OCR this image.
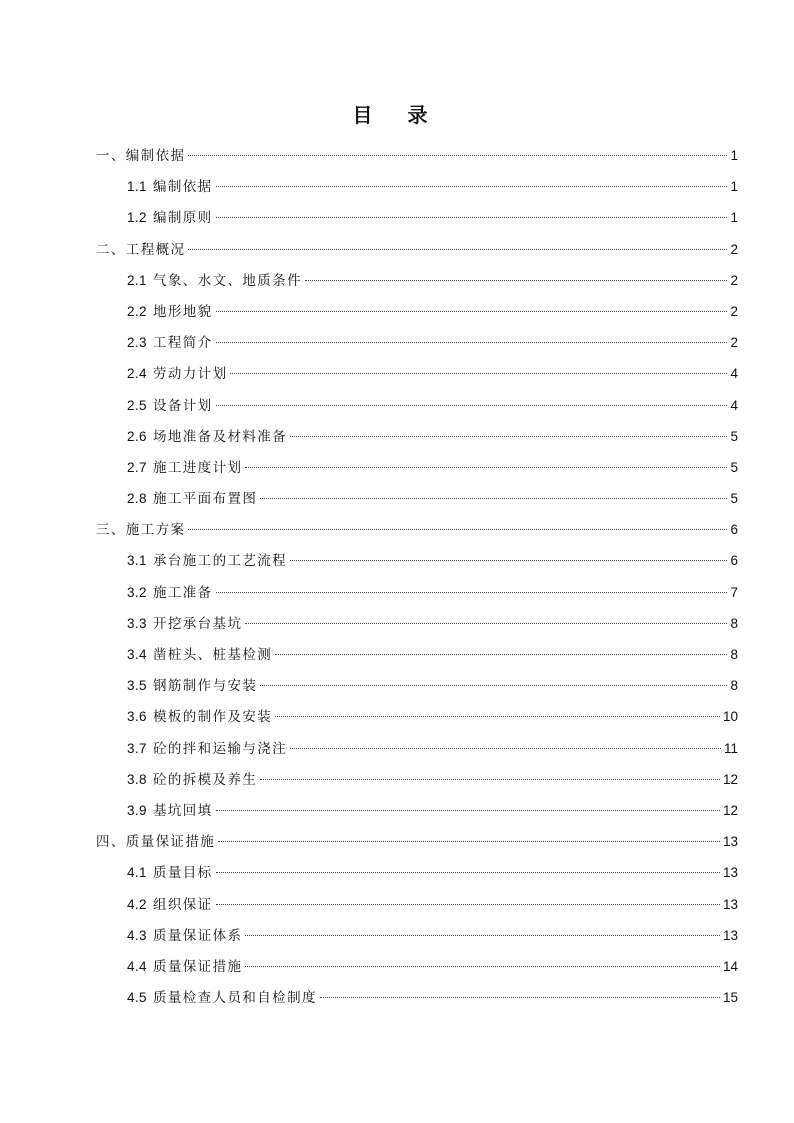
目 录
一、编制依据	1
1.1 编制依据	1
1.2 编制原则	1
二、工程概况	2
2.1 气象、水文、地质条件	2
2.2 地形地貌	2
2.3 工程简介	2
2.4 劳动力计划	4
2.5 设备计划	4
2.6 场地准备及材料准备	5
2.7 施工进度计划	5
2.8 施工平面布置图	5
三、施工方案	6
3.1 承台施工的工艺流程	6
3.2 施工准备	7
3.3 开挖承台基坑	8
3.4 凿桩头、桩基检测	8
3.5 钢筋制作与安装	8
3.6 模板的制作及安装	10
3.7 砼的拌和运输与浇注	11
3.8 砼的拆模及养生	12
3.9 基坑回填	12
四、质量保证措施	13
4.1 质量目标	13
4.2 组织保证	13
4.3 质量保证体系	13
4.4 质量保证措施	14
4.5 质量检查人员和自检制度	15
